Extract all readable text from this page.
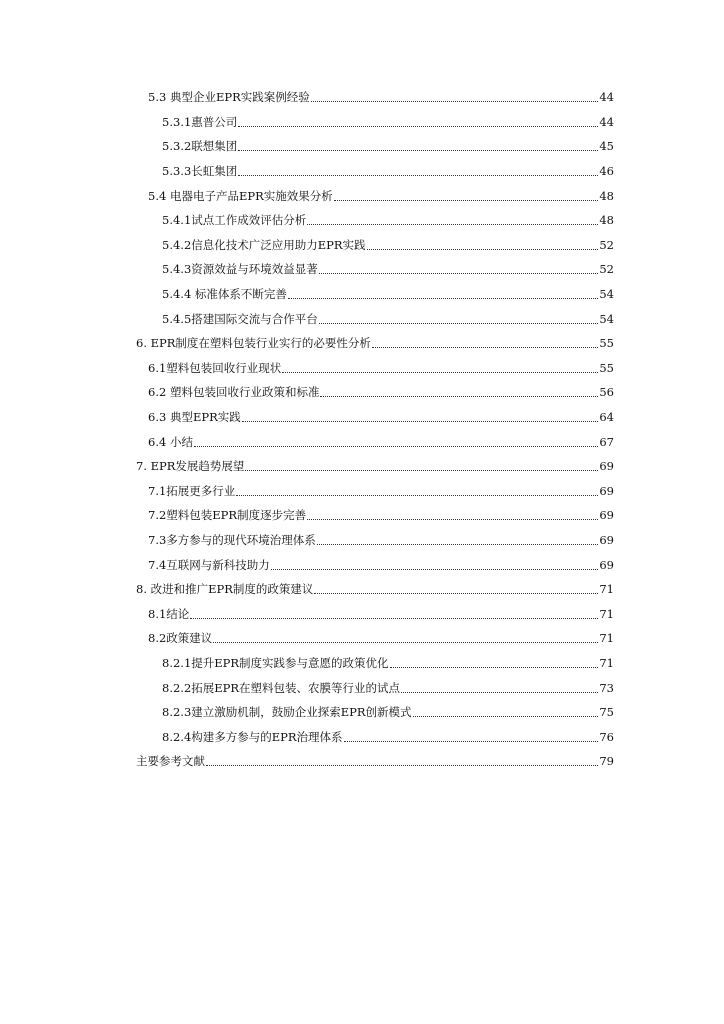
5.3 典型企业EPR实践案例经验	44
5.3.1惠普公司	44
5.3.2联想集团	45
5.3.3长虹集团	46
5.4 电器电子产品EPR实施效果分析	48
5.4.1试点工作成效评估分析	48
5.4.2信息化技术广泛应用助力EPR实践	52
5.4.3资源效益与环境效益显著	52
5.4.4 标准体系不断完善	54
5.4.5搭建国际交流与合作平台	54
6. EPR制度在塑料包装行业实行的必要性分析	55
6.1塑料包装回收行业现状	55
6.2 塑料包装回收行业政策和标准	56
6.3 典型EPR实践	64
6.4 小结	67
7. EPR发展趋势展望	69
7.1拓展更多行业	69
7.2塑料包装EPR制度逐步完善	69
7.3多方参与的现代环境治理体系	69
7.4互联网与新科技助力	69
8. 改进和推广EPR制度的政策建议	71
8.1结论	71
8.2政策建议	71
8.2.1提升EPR制度实践参与意愿的政策优化	71
8.2.2拓展EPR在塑料包装、农膜等行业的试点	73
8.2.3建立激励机制，鼓励企业探索EPR创新模式	75
8.2.4构建多方参与的EPR治理体系	76
主要参考文献	79
